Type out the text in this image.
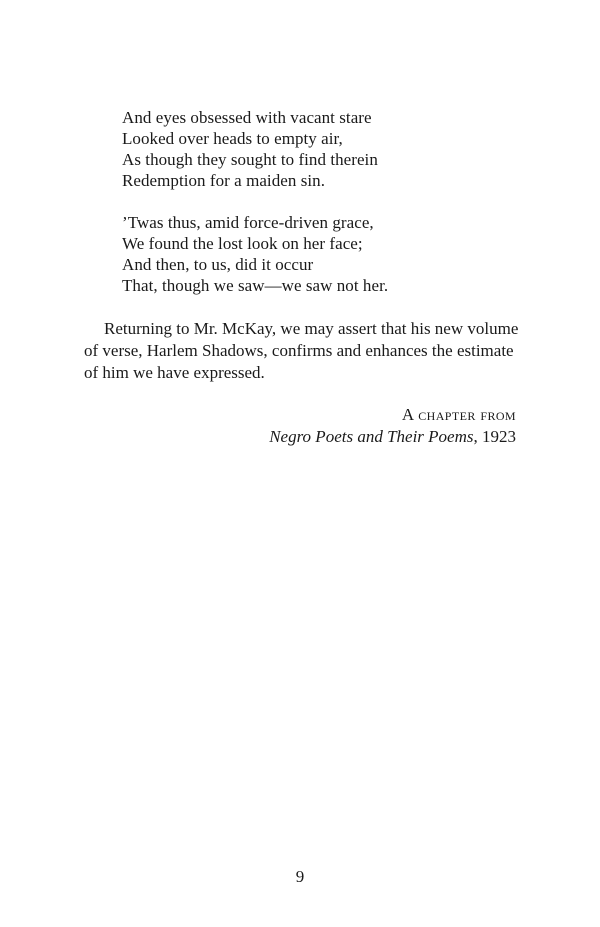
And eyes obsessed with vacant stare
Looked over heads to empty air,
As though they sought to find therein
Redemption for a maiden sin.
’Twas thus, amid force-driven grace,
We found the lost look on her face;
And then, to us, did it occur
That, though we saw—we saw not her.
Returning to Mr. McKay, we may assert that his new volume
of verse, Harlem Shadows, confirms and enhances the estimate
of him we have expressed.
A chapter from
Negro Poets and Their Poems, 1923
9
